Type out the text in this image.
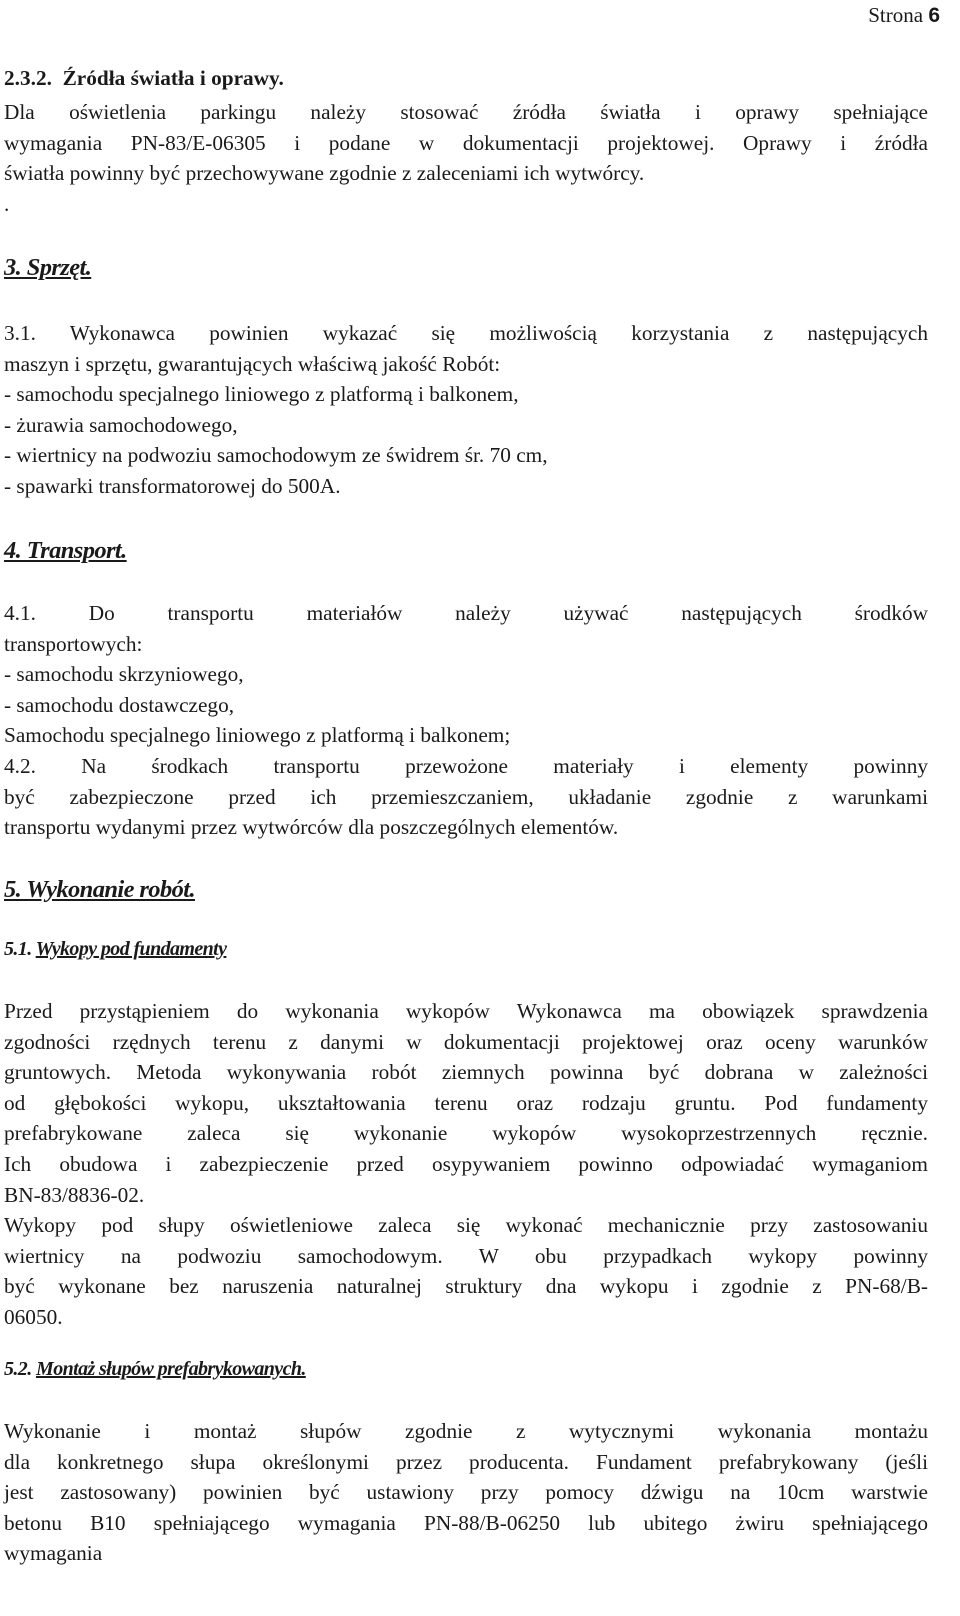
Strona 6
2.3.2. Źródła światła i oprawy.
Dla oświetlenia parkingu należy stosować źródła światła i oprawy spełniające
wymagania PN-83/E-06305 i podane w dokumentacji projektowej. Oprawy i źródła
światła powinny być przechowywane zgodnie z zaleceniami ich wytwórcy.
.
3. Sprzęt.
3.1. Wykonawca powinien wykazać się możliwością korzystania z następujących
maszyn i sprzętu, gwarantujących właściwą jakość Robót:
- samochodu specjalnego liniowego z platformą i balkonem,
- żurawia samochodowego,
- wiertnicy na podwoziu samochodowym ze świdrem śr. 70 cm,
- spawarki transformatorowej do 500A.
4. Transport.
4.1. Do transportu materiałów należy używać następujących środków
transportowych:
- samochodu skrzyniowego,
- samochodu dostawczego,
Samochodu specjalnego liniowego z platformą i balkonem;
4.2. Na środkach transportu przewożone materiały i elementy powinny
być zabezpieczone przed ich przemieszczaniem, układanie zgodnie z warunkami
transportu wydanymi przez wytwórców dla poszczególnych elementów.
5. Wykonanie robót.
5.1. Wykopy pod fundamenty
Przed przystąpieniem do wykonania wykopów Wykonawca ma obowiązek sprawdzenia
zgodności rzędnych terenu z danymi w dokumentacji projektowej oraz oceny warunków
gruntowych. Metoda wykonywania robót ziemnych powinna być dobrana w zależności
od głębokości wykopu, ukształtowania terenu oraz rodzaju gruntu. Pod fundamenty
prefabrykowane zaleca się wykonanie wykopów wysokoprzestrzennych ręcznie.
Ich obudowa i zabezpieczenie przed osypywaniem powinno odpowiadać wymaganiom
BN-83/8836-02.
Wykopy pod słupy oświetleniowe zaleca się wykonać mechanicznie przy zastosowaniu
wiertnicy na podwoziu samochodowym. W obu przypadkach wykopy powinny
być wykonane bez naruszenia naturalnej struktury dna wykopu i zgodnie z PN-68/B-
06050.
5.2. Montaż słupów prefabrykowanych.
Wykonanie i montaż słupów zgodnie z wytycznymi wykonania montażu
dla konkretnego słupa określonymi przez producenta. Fundament prefabrykowany (jeśli
jest zastosowany) powinien być ustawiony przy pomocy dźwigu na 10cm warstwie
betonu B10 spełniającego wymagania PN-88/B-06250 lub ubitego żwiru spełniającego
wymagania
